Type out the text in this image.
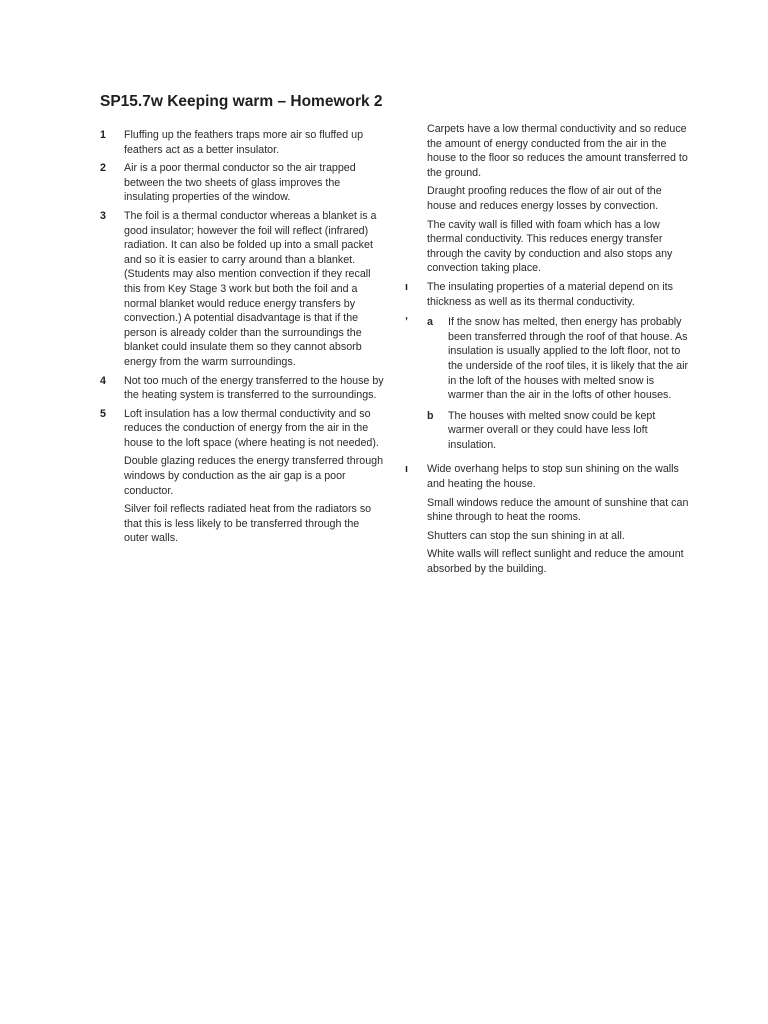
SP15.7w Keeping warm – Homework 2
1	Fluffing up the feathers traps more air so fluffed up feathers act as a better insulator.

2	Air is a poor thermal conductor so the air trapped between the two sheets of glass improves the insulating properties of the window.

3	The foil is a thermal conductor whereas a blanket is a good insulator; however the foil will reflect (infrared) radiation. It can also be folded up into a small packet and so it is easier to carry around than a blanket. (Students may also mention convection if they recall this from Key Stage 3 work but both the foil and a normal blanket would reduce energy transfers by convection.) A potential disadvantage is that if the person is already colder than the surroundings the blanket could insulate them so they cannot absorb energy from the warm surroundings.

4	Not too much of the energy transferred to the house by the heating system is transferred to the surroundings.

5	Loft insulation has a low thermal conductivity and so reduces the conduction of energy from the air in the house to the loft space (where heating is not needed).

Double glazing reduces the energy transferred through windows by conduction as the air gap is a poor conductor.

Silver foil reflects radiated heat from the radiators so that this is less likely to be transferred through the outer walls.

Carpets have a low thermal conductivity and so reduce the amount of energy conducted from the air in the house to the floor so reduces the amount transferred to the ground.

Draught proofing reduces the flow of air out of the house and reduces energy losses by convection.

The cavity wall is filled with foam which has a low thermal conductivity. This reduces energy transfer through the cavity by conduction and also stops any convection taking place.

ı	The insulating properties of a material depend on its thickness as well as its thermal conductivity.

ʼ	a	If the snow has melted, then energy has probably been transferred through the roof of that house. As insulation is usually applied to the loft floor, not to the underside of the roof tiles, it is likely that the air in the loft of the houses with melted snow is warmer than the air in the lofts of other houses.
b	The houses with melted snow could be kept warmer overall or they could have less loft insulation.
ı	Wide overhang helps to stop sun shining on the walls and heating the house.

Small windows reduce the amount of sunshine that can shine through to heat the rooms.

Shutters can stop the sun shining in at all.

White walls will reflect sunlight and reduce the amount absorbed by the building.
